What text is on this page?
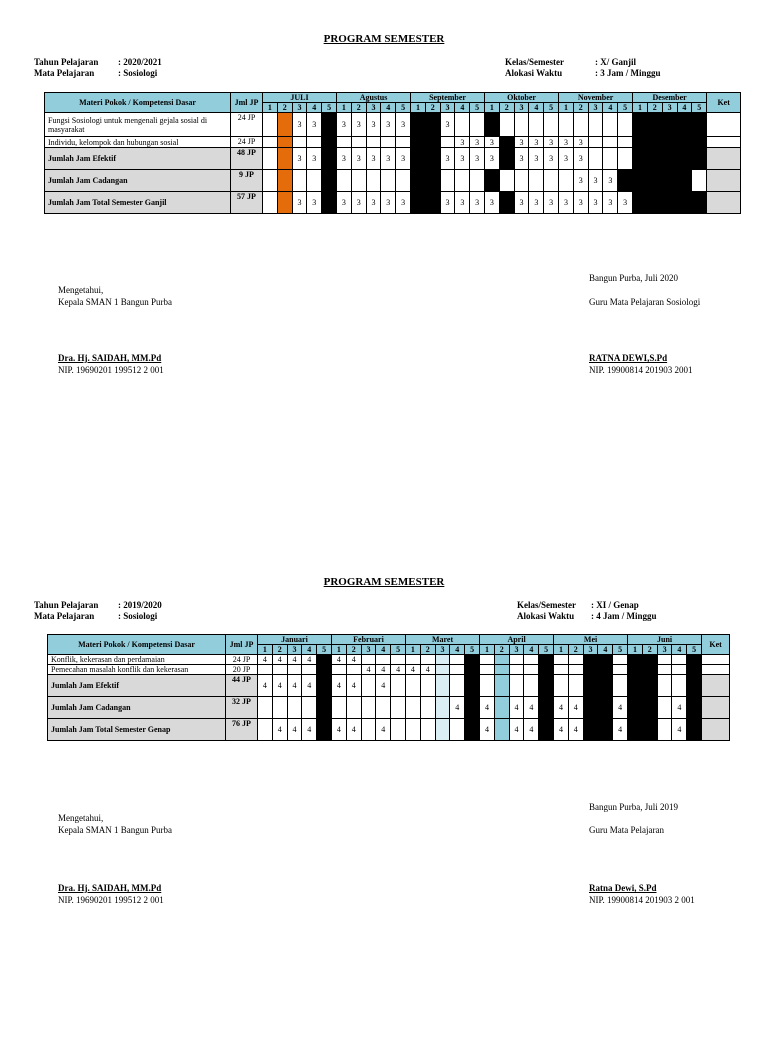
PROGRAM SEMESTER
Tahun Pelajaran : 2020/2021
Mata Pelajaran	: Sosiologi
Kelas/Semester	: X/ Ganjil
Alokasi Waktu	: 3 Jam / Minggu
Materi Pokok / Kompetensi Dasar	Jml JP	JULI					Agustus					September					Oktober					November					Desember					Ket
		1	2	3	4	5	1	2	3	4	5	1	2	3	4	5	1	2	3	4	5	1	2	3	4	5	1	2	3	4	5	
Fungsi Sosiologi untuk mengenali gejala sosial di masyarakat	24 JP			3	3		3	3	3	3	3			3																		
Individu, kelompok dan hubungan sosial	24 JP														3	3	3		3	3	3	3	3									
Jumlah Jam Efektif	48 JP			3	3		3	3	3	3	3			3	3	3	3		3	3	3	3	3									
Jumlah Jam Cadangan	9 JP																						3	3	3							
Jumlah Jam Total Semester Ganjil	57 JP			3	3		3	3	3	3	3			3	3	3	3		3	3	3	3	3	3	3	3						
Bangun Purba, Juli 2020
Mengetahui,
Kepala SMAN 1 Bangun Purba	Guru Mata Pelajaran Sosiologi
Dra. Hj. SAIDAH, MM.Pd
NIP. 19690201 199512 2 001
RATNA DEWI,S.Pd
NIP. 19900814 201903 2001
PROGRAM SEMESTER
Tahun Pelajaran : 2019/2020
Mata Pelajaran	: Sosiologi
Kelas/Semester : XI / Genap
Alokasi Waktu : 4 Jam / Minggu
Materi Pokok / Kompetensi Dasar	Jml JP	Januari					Februari					Maret					April					Mei					Juni					Ket
		1	2	3	4	5	1	2	3	4	5	1	2	3	4	5	1	2	3	4	5	1	2	3	4	5	1	2	3	4	5	
Konflik, kekerasan dan perdamaian	24 JP	4	4	4	4		4	4																								
Pemecahan masalah konflik dan kekerasan	20 JP								4	4	4	4	4																			
Jumlah Jam Efektif	44 JP	4	4	4	4		4	4		4																						
Jumlah Jam Cadangan	32 JP														4		4		4	4		4	4			4				4		
Jumlah Jam Total Semester Genap	76 JP		4	4	4		4	4		4							4		4	4		4	4			4				4		
Bangun Purba, Juli 2019
Mengetahui,
Kepala SMAN 1 Bangun Purba	Guru Mata Pelajaran
Dra. Hj. SAIDAH, MM.Pd
NIP. 19690201 199512 2 001
Ratna Dewi, S.Pd
NIP. 19900814 201903 2 001
